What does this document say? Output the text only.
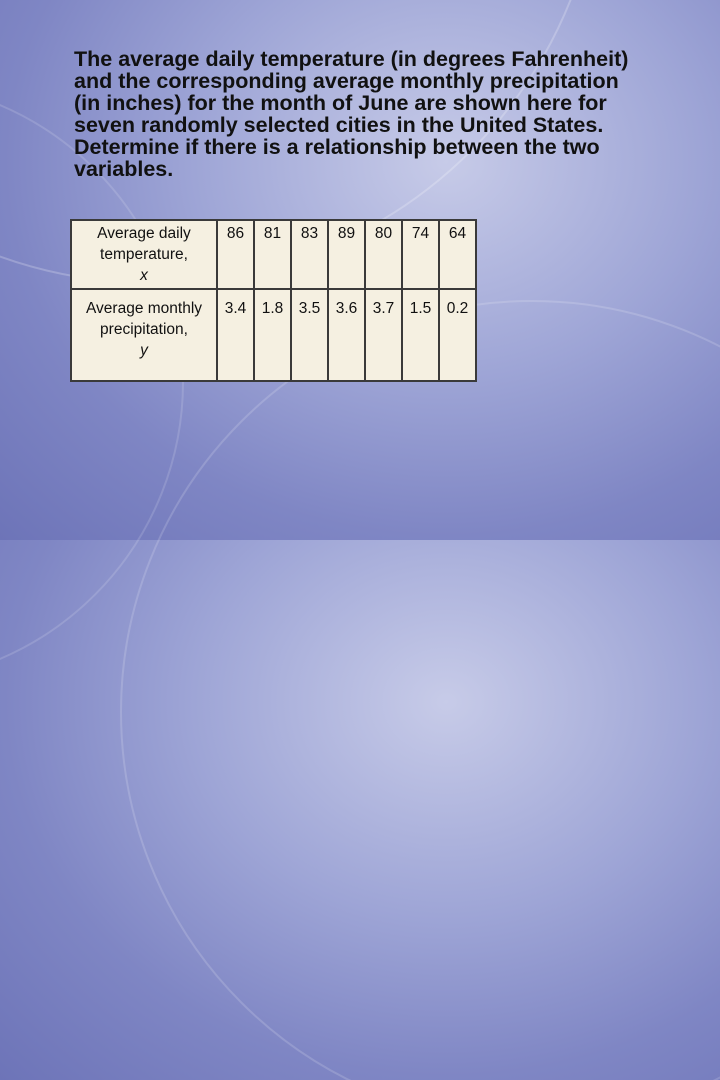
The average daily temperature (in degrees Fahrenheit) and the corresponding average monthly precipitation (in inches) for the month of June are shown here for seven randomly selected cities in the United States. Determine if there is a relationship between the two variables.

Average daily temperature,
x	86	81	83	89	80	74	64
Average monthly precipitation,
y	3.4	1.8	3.5	3.6	3.7	1.5	0.2
